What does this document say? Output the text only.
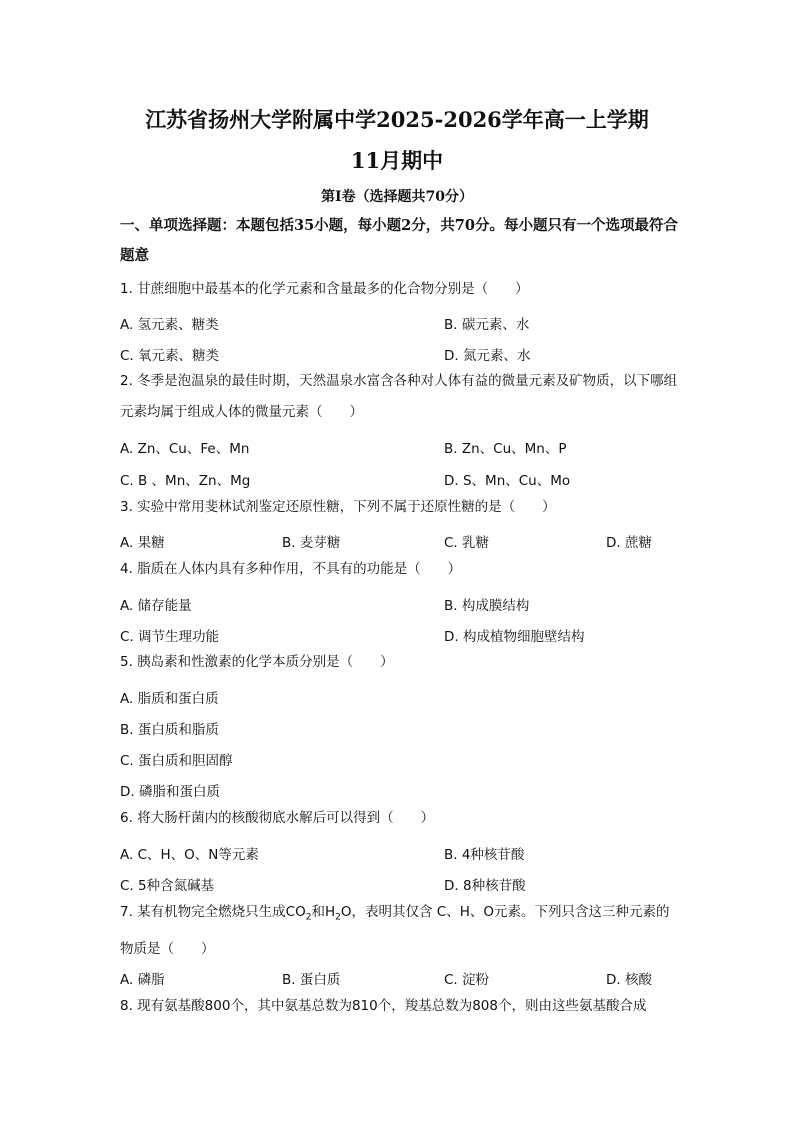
江苏省扬州大学附属中学2025-2026学年高一上学期
11月期中
第I卷（选择题共70分）
一、单项选择题：本题包括35小题，每小题2分，共70分。每小题只有一个选项最符合题意
1. 甘蔗细胞中最基本的化学元素和含量最多的化合物分别是（　　）
A. 氢元素、糖类	B. 碳元素、水
C. 氧元素、糖类	D. 氮元素、水
2. 冬季是泡温泉的最佳时期，天然温泉水富含各种对人体有益的微量元素及矿物质，以下哪组元素均属于组成人体的微量元素（　　）
A. Zn、Cu、Fe、Mn	B. Zn、Cu、Mn、P
C. B 、Mn、Zn、Mg	D. S、Mn、Cu、Mo
3. 实验中常用斐林试剂鉴定还原性糖，下列不属于还原性糖的是（　　）
A. 果糖	B. 麦芽糖	C. 乳糖	D. 蔗糖
4. 脂质在人体内具有多种作用，不具有的功能是（　　）
A. 储存能量	B. 构成膜结构
C. 调节生理功能	D. 构成植物细胞壁结构
5. 胰岛素和性激素的化学本质分别是（　　）
A. 脂质和蛋白质
B. 蛋白质和脂质
C. 蛋白质和胆固醇
D. 磷脂和蛋白质
6. 将大肠杆菌内的核酸彻底水解后可以得到（　　）
A. C、H、O、N等元素	B. 4种核苷酸
C. 5种含氮碱基	D. 8种核苷酸
7. 某有机物完全燃烧只生成$CO_2$和$H_2O$，表明其仅含 C、H、O元素。下列只含这三种元素的物质是（　　）
A. 磷脂	B. 蛋白质	C. 淀粉	D. 核酸
8. 现有氨基酸800个，其中氨基总数为810个，羧基总数为808个，则由这些氨基酸合成
